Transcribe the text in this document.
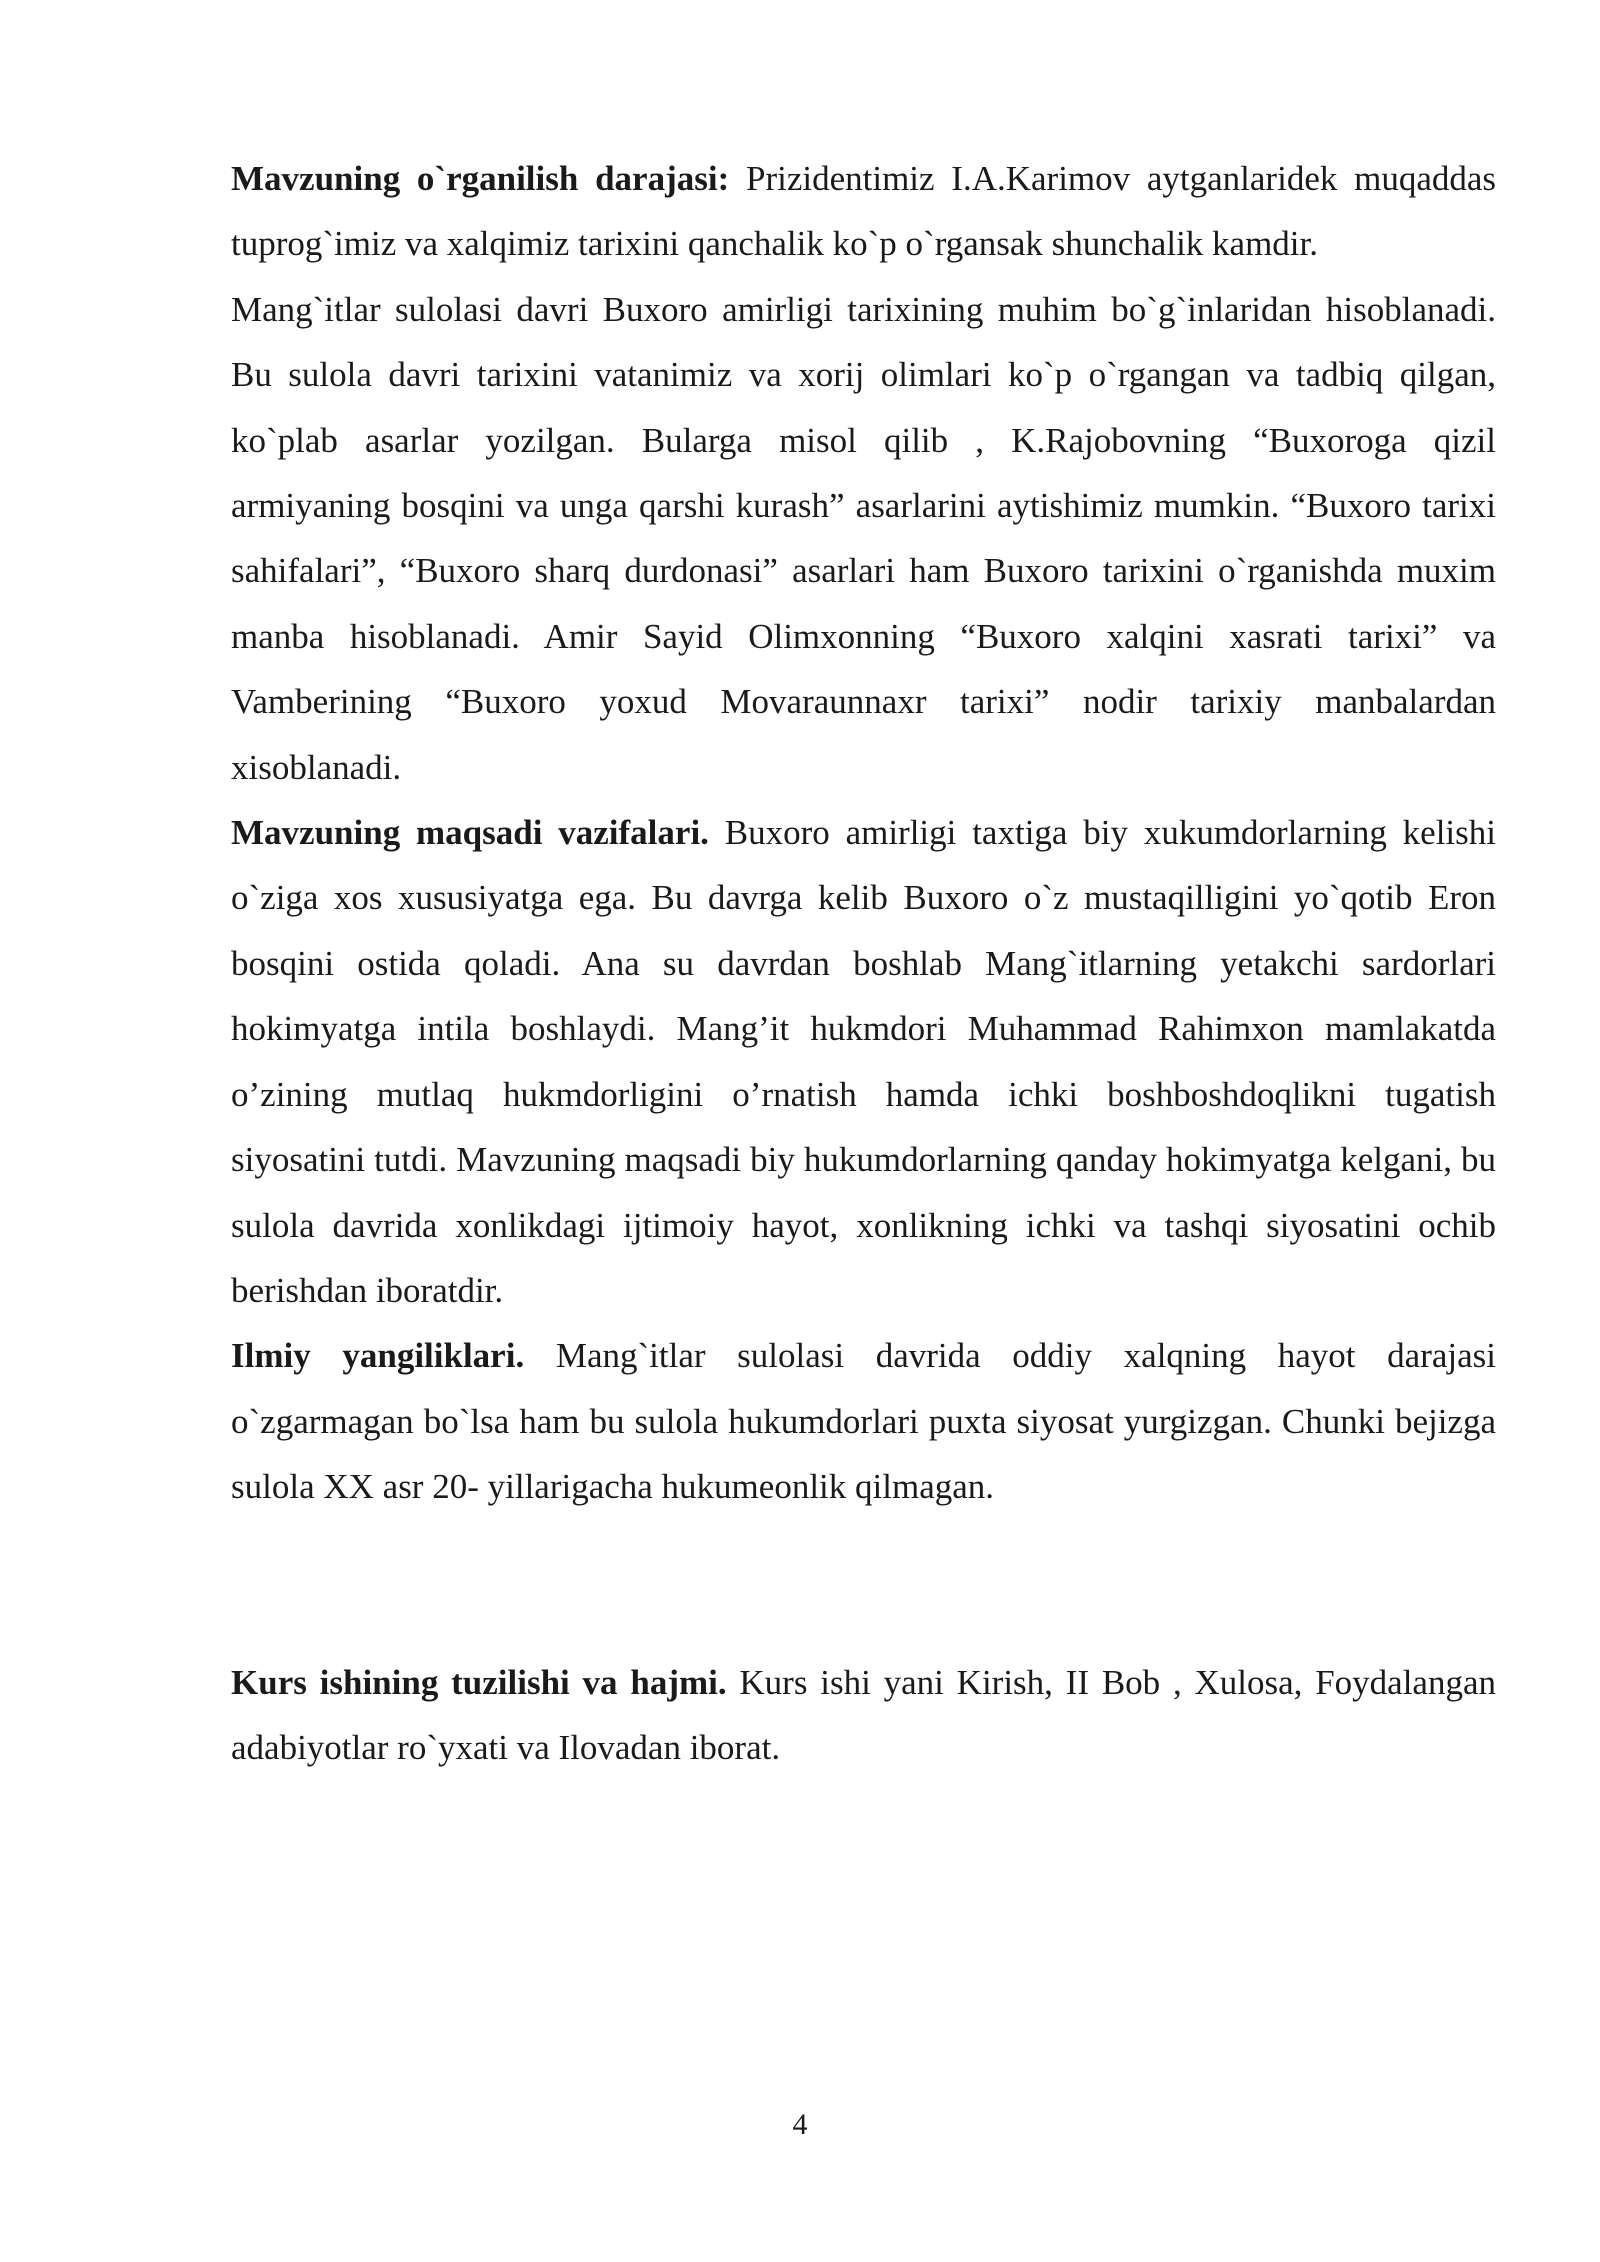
Mavzuning o`rganilish darajasi: Prizidentimiz I.A.Karimov aytganlaridek muqaddas tuprog`imiz va xalqimiz tarixini qanchalik ko`p o`rgansak shunchalik kamdir.

Mang`itlar sulolasi davri Buxoro amirligi tarixining muhim bo`g`inlaridan hisoblanadi. Bu sulola davri tarixini vatanimiz va xorij olimlari ko`p o`rgangan va tadbiq qilgan, ko`plab asarlar yozilgan. Bularga misol qilib , K.Rajobovning “Buxoroga qizil armiyaning bosqini va unga qarshi kurash” asarlarini aytishimiz mumkin. “Buxoro tarixi sahifalari”, “Buxoro sharq durdonasi” asarlari ham Buxoro tarixini o`rganishda muxim manba hisoblanadi. Amir Sayid Olimxonning “Buxoro xalqini xasrati tarixi” va Vamberining “Buxoro yoxud Movaraunnaxr tarixi” nodir tarixiy manbalardan xisoblanadi.

Mavzuning maqsadi vazifalari. Buxoro amirligi taxtiga biy xukumdorlarning kelishi o`ziga xos xususiyatga ega. Bu davrga kelib Buxoro o`z mustaqilligini yo`qotib Eron bosqini ostida qoladi. Ana su davrdan boshlab Mang`itlarning yetakchi sardorlari hokimyatga intila boshlaydi. Mang’it hukmdori Muhammad Rahimxon mamlakatda o’zining mutlaq hukmdorligini o’rnatish hamda ichki boshboshdoqlikni tugatish siyosatini tutdi. Mavzuning maqsadi biy hukumdorlarning qanday hokimyatga kelgani, bu sulola davrida xonlikdagi ijtimoiy hayot, xonlikning ichki va tashqi siyosatini ochib berishdan iboratdir.

Ilmiy yangiliklari. Mang`itlar sulolasi davrida oddiy xalqning hayot darajasi o`zgarmagan bo`lsa ham bu sulola hukumdorlari puxta siyosat yurgizgan. Chunki bejizga sulola XX asr 20- yillarigacha hukumeonlik qilmagan.

Kurs ishining tuzilishi va hajmi. Kurs ishi yani Kirish, II Bob , Xulosa, Foydalangan adabiyotlar ro`yxati va Ilovadan iborat.

4
